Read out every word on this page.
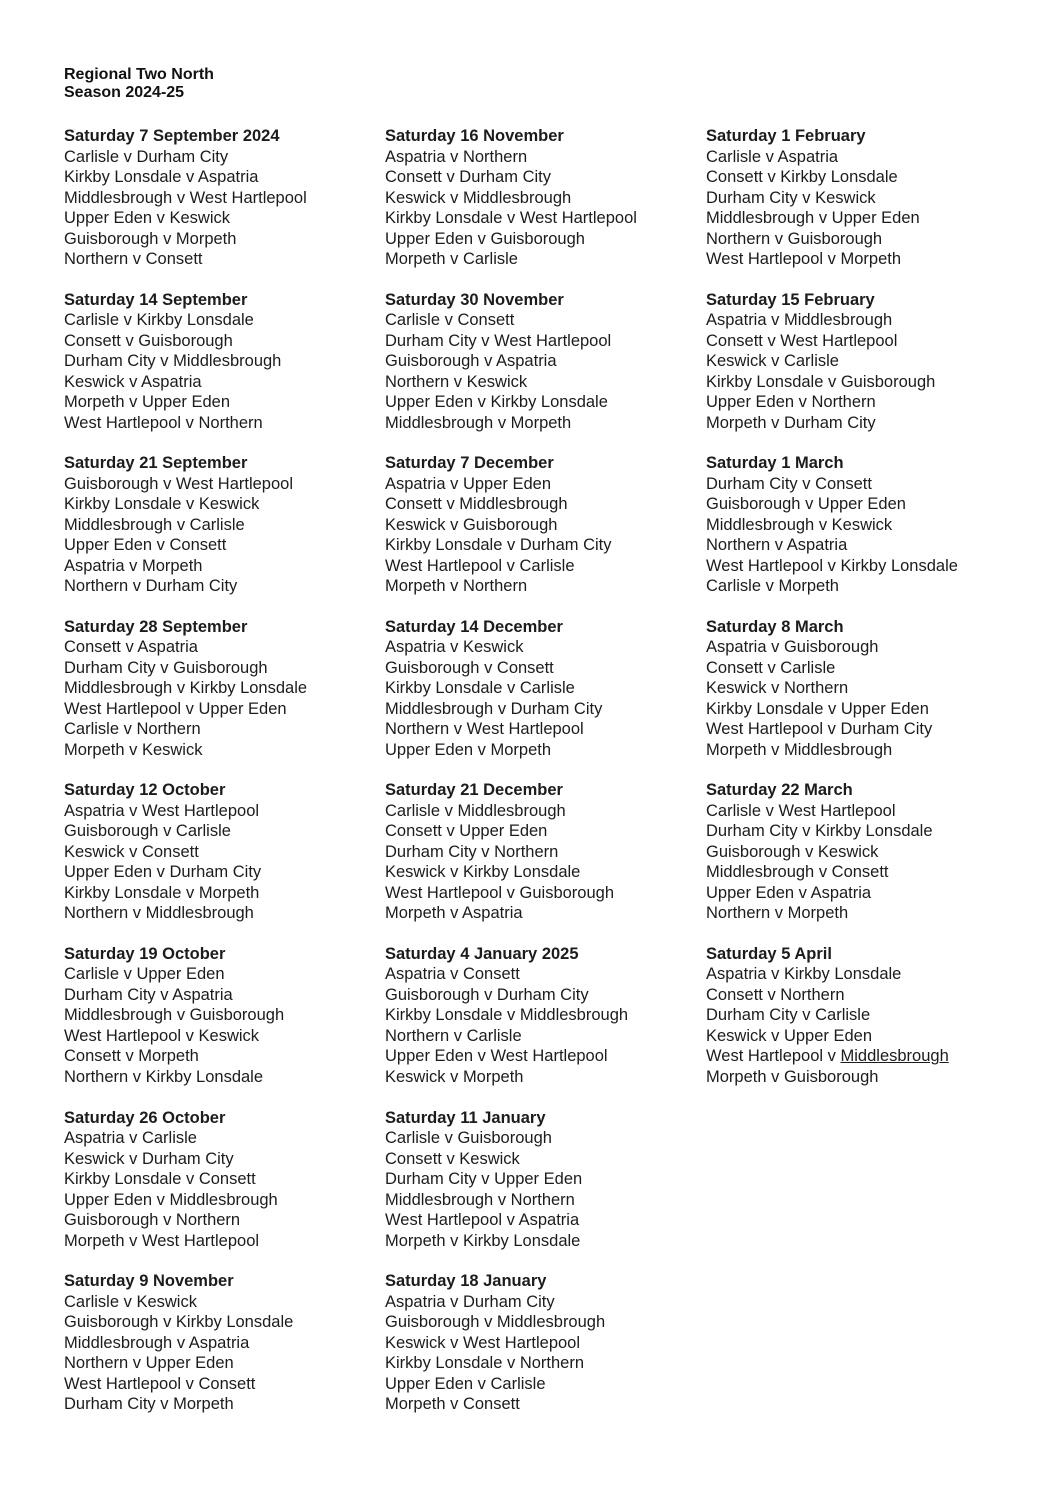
Regional Two North
Season 2024-25
Saturday 7 September 2024
Carlisle v Durham City
Kirkby Lonsdale v Aspatria
Middlesbrough v West Hartlepool
Upper Eden v Keswick
Guisborough v Morpeth
Northern v Consett
Saturday 14 September
Carlisle v Kirkby Lonsdale
Consett v Guisborough
Durham City v Middlesbrough
Keswick v Aspatria
Morpeth v Upper Eden
West Hartlepool v Northern
Saturday 21 September
Guisborough v West Hartlepool
Kirkby Lonsdale v Keswick
Middlesbrough v Carlisle
Upper Eden v Consett
Aspatria v Morpeth
Northern v Durham City
Saturday 28 September
Consett v Aspatria
Durham City v Guisborough
Middlesbrough v Kirkby Lonsdale
West Hartlepool v Upper Eden
Carlisle v Northern
Morpeth v Keswick
Saturday 12 October
Aspatria v West Hartlepool
Guisborough v Carlisle
Keswick v Consett
Upper Eden v Durham City
Kirkby Lonsdale v Morpeth
Northern v Middlesbrough
Saturday 19 October
Carlisle v Upper Eden
Durham City v Aspatria
Middlesbrough v Guisborough
West Hartlepool v Keswick
Consett v Morpeth
Northern v Kirkby Lonsdale
Saturday 26 October
Aspatria v Carlisle
Keswick v Durham City
Kirkby Lonsdale v Consett
Upper Eden v Middlesbrough
Guisborough v Northern
Morpeth v West Hartlepool
Saturday 9 November
Carlisle v Keswick
Guisborough v Kirkby Lonsdale
Middlesbrough v Aspatria
Northern v Upper Eden
West Hartlepool v Consett
Durham City v Morpeth
Saturday 16 November
Aspatria v Northern
Consett v Durham City
Keswick v Middlesbrough
Kirkby Lonsdale v West Hartlepool
Upper Eden v Guisborough
Morpeth v Carlisle
Saturday 30 November
Carlisle v Consett
Durham City v West Hartlepool
Guisborough v Aspatria
Northern v Keswick
Upper Eden v Kirkby Lonsdale
Middlesbrough v Morpeth
Saturday 7 December
Aspatria v Upper Eden
Consett v Middlesbrough
Keswick v Guisborough
Kirkby Lonsdale v Durham City
West Hartlepool v Carlisle
Morpeth v Northern
Saturday 14 December
Aspatria v Keswick
Guisborough v Consett
Kirkby Lonsdale v Carlisle
Middlesbrough v Durham City
Northern v West Hartlepool
Upper Eden v Morpeth
Saturday 21 December
Carlisle v Middlesbrough
Consett v Upper Eden
Durham City v Northern
Keswick v Kirkby Lonsdale
West Hartlepool v Guisborough
Morpeth v Aspatria
Saturday 4 January 2025
Aspatria v Consett
Guisborough v Durham City
Kirkby Lonsdale v Middlesbrough
Northern v Carlisle
Upper Eden v West Hartlepool
Keswick v Morpeth
Saturday 11 January
Carlisle v Guisborough
Consett v Keswick
Durham City v Upper Eden
Middlesbrough v Northern
West Hartlepool v Aspatria
Morpeth v Kirkby Lonsdale
Saturday 18 January
Aspatria v Durham City
Guisborough v Middlesbrough
Keswick v West Hartlepool
Kirkby Lonsdale v Northern
Upper Eden v Carlisle
Morpeth v Consett
Saturday 1 February
Carlisle v Aspatria
Consett v Kirkby Lonsdale
Durham City v Keswick
Middlesbrough v Upper Eden
Northern v Guisborough
West Hartlepool v Morpeth
Saturday 15 February
Aspatria v Middlesbrough
Consett v West Hartlepool
Keswick v Carlisle
Kirkby Lonsdale v Guisborough
Upper Eden v Northern
Morpeth v Durham City
Saturday 1 March
Durham City v Consett
Guisborough v Upper Eden
Middlesbrough v Keswick
Northern v Aspatria
West Hartlepool v Kirkby Lonsdale
Carlisle v Morpeth
Saturday 8 March
Aspatria v Guisborough
Consett v Carlisle
Keswick v Northern
Kirkby Lonsdale v Upper Eden
West Hartlepool v Durham City
Morpeth v Middlesbrough
Saturday 22 March
Carlisle v West Hartlepool
Durham City v Kirkby Lonsdale
Guisborough v Keswick
Middlesbrough v Consett
Upper Eden v Aspatria
Northern v Morpeth
Saturday 5 April
Aspatria v Kirkby Lonsdale
Consett v Northern
Durham City v Carlisle
Keswick v Upper Eden
West Hartlepool v Middlesbrough
Morpeth v Guisborough
